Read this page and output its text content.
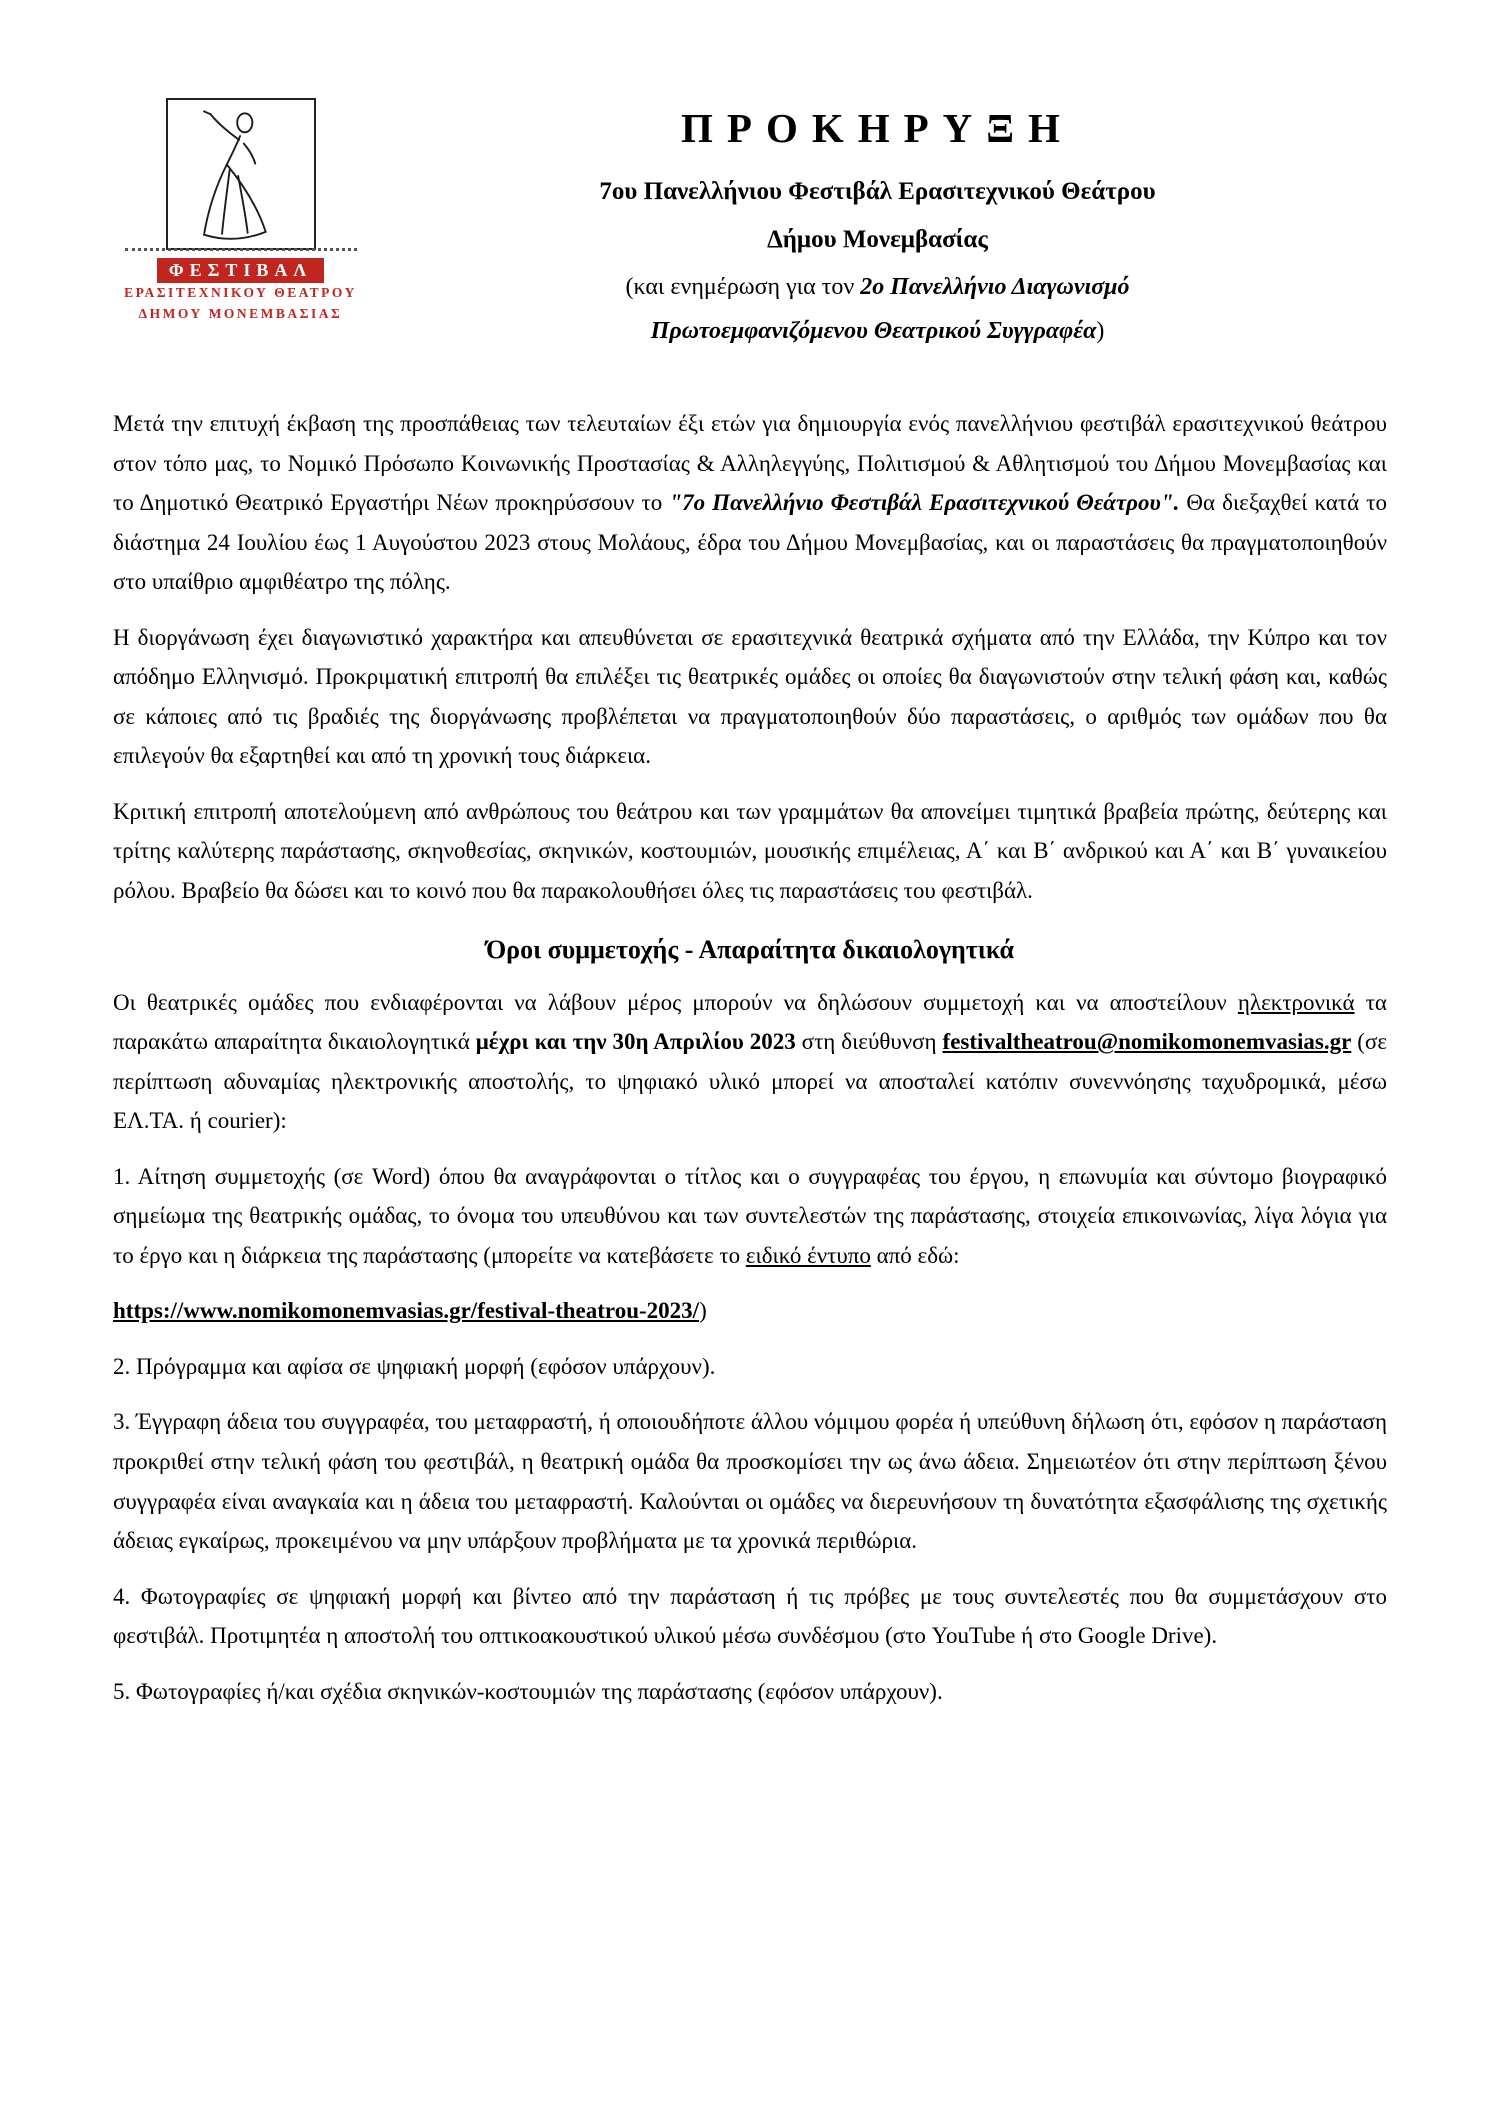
ΦΕΣΤΙΒΑΛ
ΕΡΑΣΙΤΕΧΝΙΚΟΥ ΘΕΑΤΡΟΥ
ΔΗΜΟΥ ΜΟΝΕΜΒΑΣΙΑΣ
ΠΡΟΚΗΡΥΞΗ
7ου Πανελλήνιου Φεστιβάλ Ερασιτεχνικού Θεάτρου
Δήμου Μονεμβασίας
(και ενημέρωση για τον 2ο Πανελλήνιο Διαγωνισμό
Πρωτοεμφανιζόμενου Θεατρικού Συγγραφέα)

Μετά την επιτυχή έκβαση της προσπάθειας των τελευταίων έξι ετών για δημιουργία ενός πανελλήνιου φεστιβάλ ερασιτεχνικού θεάτρου στον τόπο μας, το Νομικό Πρόσωπο Κοινωνικής Προστασίας & Αλληλεγγύης, Πολιτισμού & Αθλητισμού του Δήμου Μονεμβασίας και το Δημοτικό Θεατρικό Εργαστήρι Νέων προκηρύσσουν το "7ο Πανελλήνιο Φεστιβάλ Ερασιτεχνικού Θεάτρου". Θα διεξαχθεί κατά το διάστημα 24 Ιουλίου έως 1 Αυγούστου 2023 στους Μολάους, έδρα του Δήμου Μονεμβασίας, και οι παραστάσεις θα πραγματοποιηθούν στο υπαίθριο αμφιθέατρο της πόλης.

Η διοργάνωση έχει διαγωνιστικό χαρακτήρα και απευθύνεται σε ερασιτεχνικά θεατρικά σχήματα από την Ελλάδα, την Κύπρο και τον απόδημο Ελληνισμό. Προκριματική επιτροπή θα επιλέξει τις θεατρικές ομάδες οι οποίες θα διαγωνιστούν στην τελική φάση και, καθώς σε κάποιες από τις βραδιές της διοργάνωσης προβλέπεται να πραγματοποιηθούν δύο παραστάσεις, ο αριθμός των ομάδων που θα επιλεγούν θα εξαρτηθεί και από τη χρονική τους διάρκεια.

Κριτική επιτροπή αποτελούμενη από ανθρώπους του θεάτρου και των γραμμάτων θα απονείμει τιμητικά βραβεία πρώτης, δεύτερης και τρίτης καλύτερης παράστασης, σκηνοθεσίας, σκηνικών, κοστουμιών, μουσικής επιμέλειας, Α΄ και Β΄ ανδρικού και Α΄ και Β΄ γυναικείου ρόλου. Βραβείο θα δώσει και το κοινό που θα παρακολουθήσει όλες τις παραστάσεις του φεστιβάλ.

Όροι συμμετοχής - Απαραίτητα δικαιολογητικά

Οι θεατρικές ομάδες που ενδιαφέρονται να λάβουν μέρος μπορούν να δηλώσουν συμμετοχή και να αποστείλουν ηλεκτρονικά τα παρακάτω απαραίτητα δικαιολογητικά μέχρι και την 30η Απριλίου 2023 στη διεύθυνση festivaltheatrou@nomikomonemvasias.gr (σε περίπτωση αδυναμίας ηλεκτρονικής αποστολής, το ψηφιακό υλικό μπορεί να αποσταλεί κατόπιν συνεννόησης ταχυδρομικά, μέσω ΕΛ.ΤΑ. ή courier):

1. Αίτηση συμμετοχής (σε Word) όπου θα αναγράφονται ο τίτλος και ο συγγραφέας του έργου, η επωνυμία και σύντομο βιογραφικό σημείωμα της θεατρικής ομάδας, το όνομα του υπευθύνου και των συντελεστών της παράστασης, στοιχεία επικοινωνίας, λίγα λόγια για το έργο και η διάρκεια της παράστασης (μπορείτε να κατεβάσετε το ειδικό έντυπο από εδώ:

https://www.nomikomonemvasias.gr/festival-theatrou-2023/)

2. Πρόγραμμα και αφίσα σε ψηφιακή μορφή (εφόσον υπάρχουν).

3. Έγγραφη άδεια του συγγραφέα, του μεταφραστή, ή οποιουδήποτε άλλου νόμιμου φορέα ή υπεύθυνη δήλωση ότι, εφόσον η παράσταση προκριθεί στην τελική φάση του φεστιβάλ, η θεατρική ομάδα θα προσκομίσει την ως άνω άδεια. Σημειωτέον ότι στην περίπτωση ξένου συγγραφέα είναι αναγκαία και η άδεια του μεταφραστή. Καλούνται οι ομάδες να διερευνήσουν τη δυνατότητα εξασφάλισης της σχετικής άδειας εγκαίρως, προκειμένου να μην υπάρξουν προβλήματα με τα χρονικά περιθώρια.

4. Φωτογραφίες σε ψηφιακή μορφή και βίντεο από την παράσταση ή τις πρόβες με τους συντελεστές που θα συμμετάσχουν στο φεστιβάλ. Προτιμητέα η αποστολή του οπτικοακουστικού υλικού μέσω συνδέσμου (στο YouTube ή στο Google Drive).

5. Φωτογραφίες ή/και σχέδια σκηνικών-κοστουμιών της παράστασης (εφόσον υπάρχουν).
